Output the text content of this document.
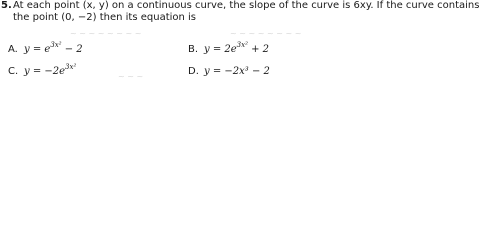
5.At each point (x, y) on a continuous curve, the slope of the curve is 6xy. If the curve contains
the point (0, −2) then its equation is
~ ~ ~ ~ ~ ~ ~ ~	~ ~ ~ ~ ~ ~ ~ ~
~ ~ ~
A. $y = e^{3x^2} - 2$	B. $y = 2e^{3x^2} + 2$
C. $y = -2e^{3x^2}$	D. y = −2x³ − 2
